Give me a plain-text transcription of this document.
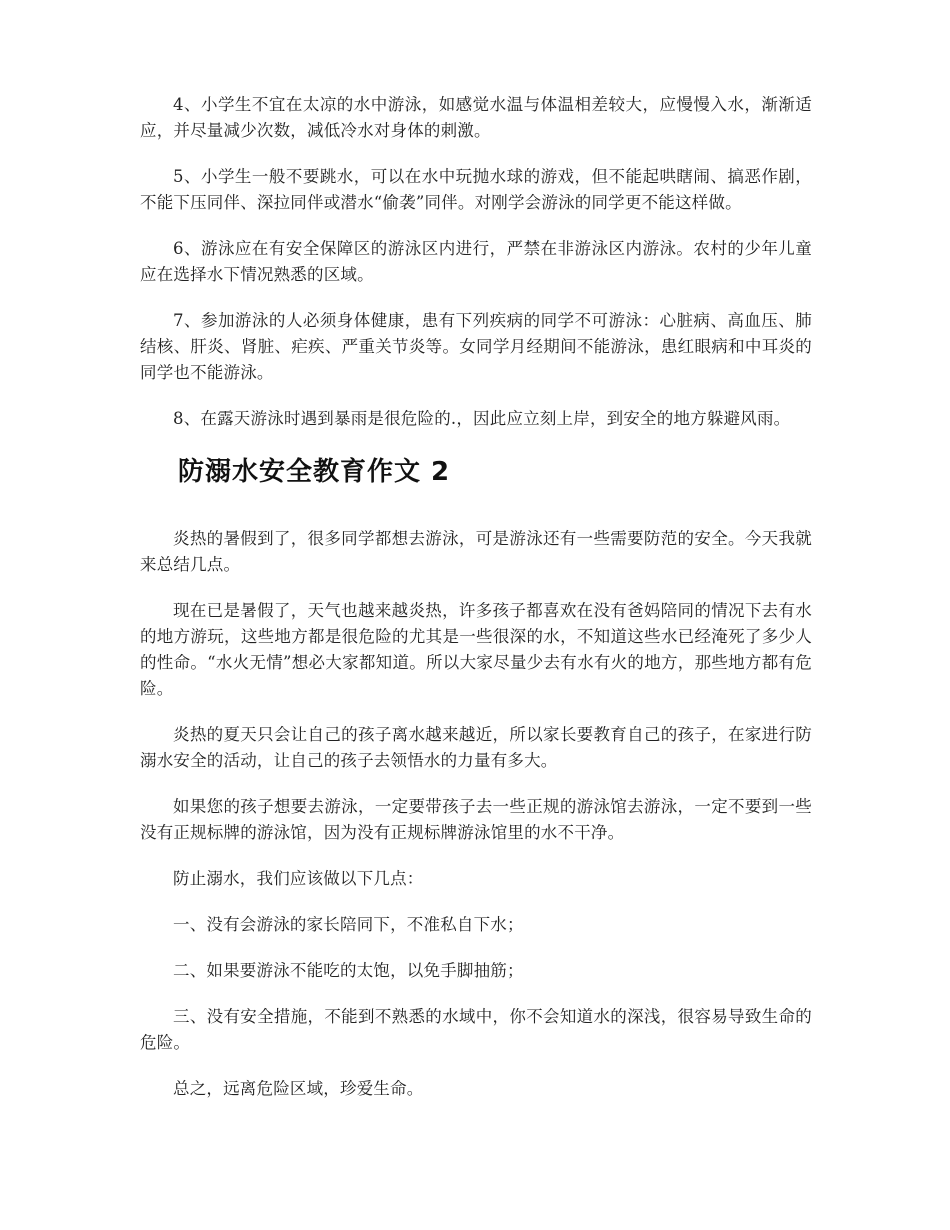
4、小学生不宜在太凉的水中游泳，如感觉水温与体温相差较大，应慢慢入水，渐渐适应，并尽量减少次数，减低冷水对身体的刺激。

5、小学生一般不要跳水，可以在水中玩抛水球的游戏，但不能起哄瞎闹、搞恶作剧，不能下压同伴、深拉同伴或潜水“偷袭”同伴。对刚学会游泳的同学更不能这样做。

6、游泳应在有安全保障区的游泳区内进行，严禁在非游泳区内游泳。农村的少年儿童应在选择水下情况熟悉的区域。

7、参加游泳的人必须身体健康，患有下列疾病的同学不可游泳：心脏病、高血压、肺结核、肝炎、肾脏、疟疾、严重关节炎等。女同学月经期间不能游泳，患红眼病和中耳炎的同学也不能游泳。

8、在露天游泳时遇到暴雨是很危险的.，因此应立刻上岸，到安全的地方躲避风雨。

防溺水安全教育作文 2

炎热的暑假到了，很多同学都想去游泳，可是游泳还有一些需要防范的安全。今天我就来总结几点。

现在已是暑假了，天气也越来越炎热，许多孩子都喜欢在没有爸妈陪同的情况下去有水的地方游玩，这些地方都是很危险的尤其是一些很深的水，不知道这些水已经淹死了多少人的性命。“水火无情”想必大家都知道。所以大家尽量少去有水有火的地方，那些地方都有危险。

炎热的夏天只会让自己的孩子离水越来越近，所以家长要教育自己的孩子，在家进行防溺水安全的活动，让自己的孩子去领悟水的力量有多大。

如果您的孩子想要去游泳，一定要带孩子去一些正规的游泳馆去游泳，一定不要到一些没有正规标牌的游泳馆，因为没有正规标牌游泳馆里的水不干净。

防止溺水，我们应该做以下几点：

一、没有会游泳的家长陪同下，不准私自下水；

二、如果要游泳不能吃的太饱，以免手脚抽筋；

三、没有安全措施，不能到不熟悉的水域中，你不会知道水的深浅，很容易导致生命的危险。

总之，远离危险区域，珍爱生命。
